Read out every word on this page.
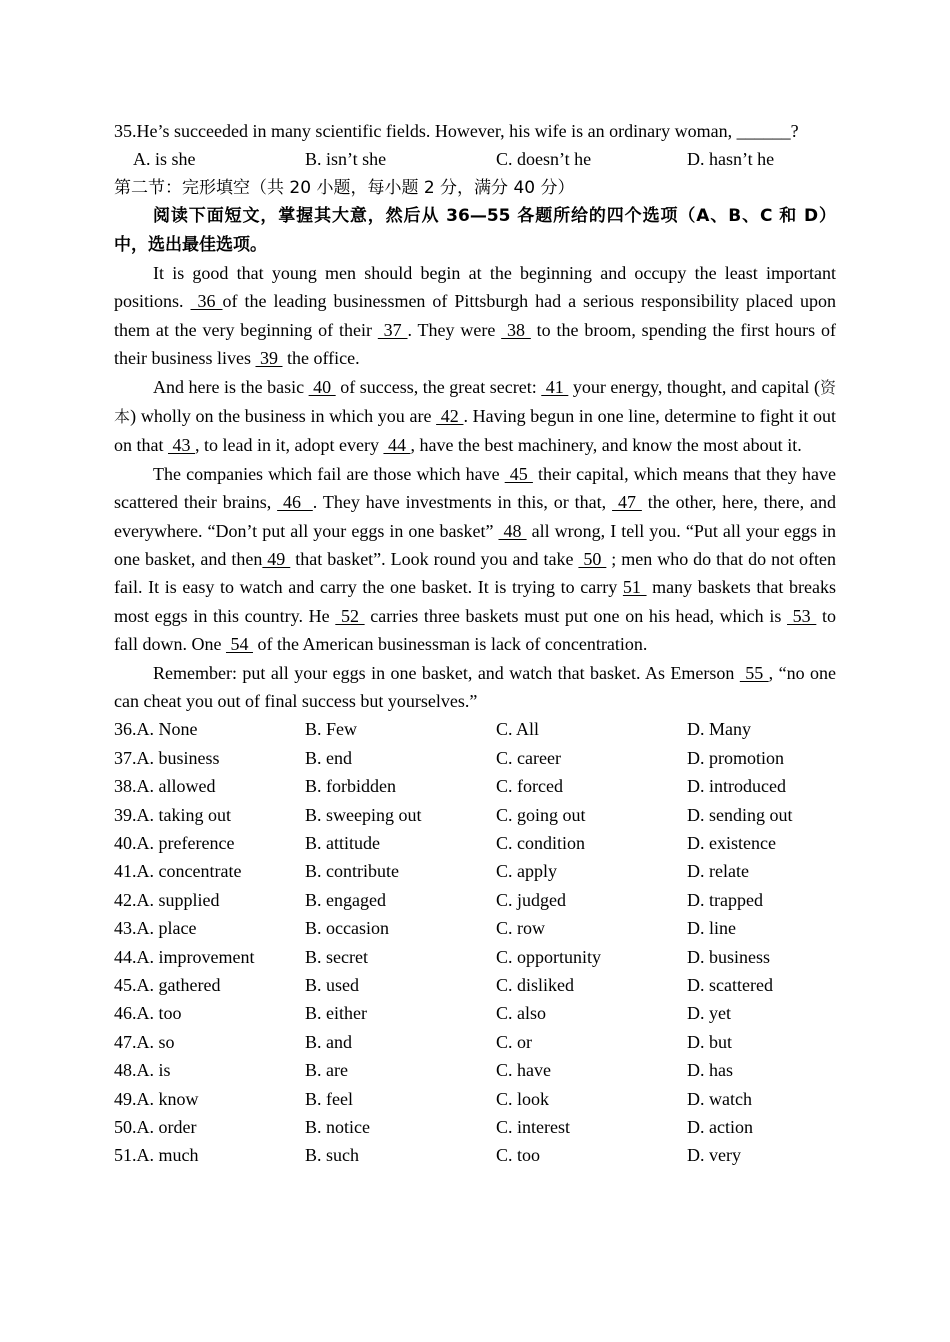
35.He’s succeeded in many scientific fields. However, his wife is an ordinary woman, ______?
A. is she	B. isn’t she	C. doesn’t he	D. hasn’t he
第二节：完形填空（共 20 小题，每小题 2 分，满分 40 分）
阅读下面短文，掌握其大意，然后从 36—55 各题所给的四个选项（A、B、C 和 D）中，选出最佳选项。
It is good that young men should begin at the beginning and occupy the least important positions.  36 of the leading businessmen of Pittsburgh had a serious responsibility placed upon them at the very beginning of their  37 . They were  38  to the broom, spending the first hours of their business lives  39  the office.
And here is the basic  40  of success, the great secret:  41  your energy, thought, and capital (资本) wholly on the business in which you are  42 . Having begun in one line, determine to fight it out on that  43 , to lead in it, adopt every  44 , have the best machinery, and know the most about it.
The companies which fail are those which have  45  their capital, which means that they have scattered their brains,  46  . They have investments in this, or that,  47  the other, here, there, and everywhere. “Don’t put all your eggs in one basket”  48  all wrong, I tell you. “Put all your eggs in one basket, and then 49  that basket”. Look round you and take  50  ; men who do that do not often fail. It is easy to watch and carry the one basket. It is trying to carry 51  many baskets that breaks most eggs in this country. He  52  carries three baskets must put one on his head, which is  53  to fall down. One  54  of the American businessman is lack of concentration.
Remember: put all your eggs in one basket, and watch that basket. As Emerson  55 , “no one can cheat you out of final success but yourselves.”
36.A. None	B. Few	C. All	D. Many
37.A. business	B. end	C. career	D. promotion
38.A. allowed	B. forbidden	C. forced	D. introduced
39.A. taking out	B. sweeping out	C. going out	D. sending out
40.A. preference	B. attitude	C. condition	D. existence
41.A. concentrate	B. contribute	C. apply	D. relate
42.A. supplied	B. engaged	C. judged	D. trapped
43.A. place	B. occasion	C. row	D. line
44.A. improvement	B. secret	C. opportunity	D. business
45.A. gathered	B. used	C. disliked	D. scattered
46.A. too	B. either	C. also	D. yet
47.A. so	B. and	C. or	D. but
48.A. is	B. are	C. have	D. has
49.A. know	B. feel	C. look	D. watch
50.A. order	B. notice	C. interest	D. action
51.A. much	B. such	C. too	D. very
